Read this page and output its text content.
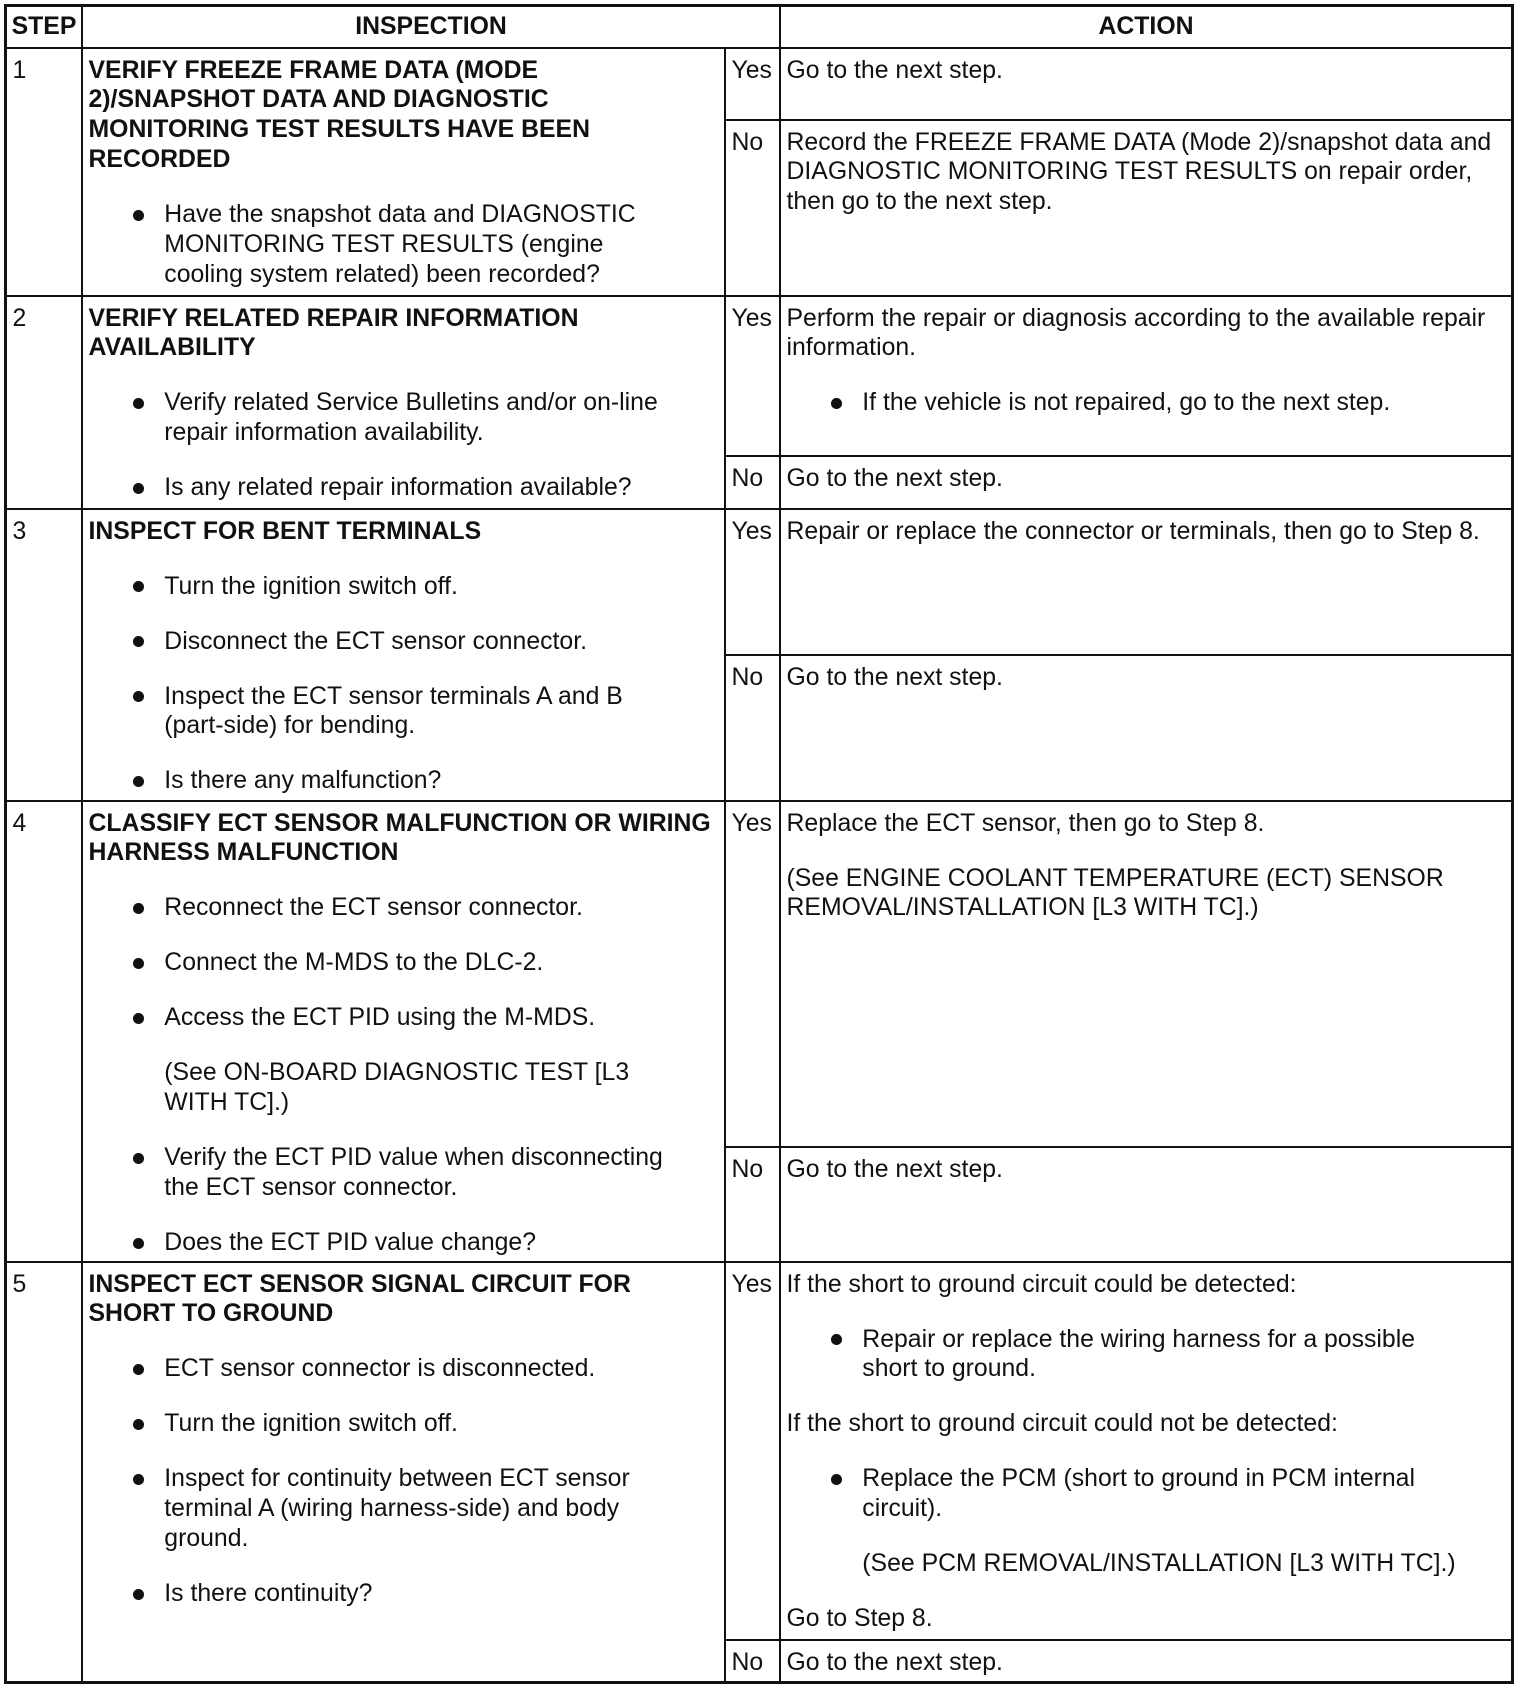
STEP	INSPECTION	ACTION
1	VERIFY FREEZE FRAME DATA (MODE
2)/SNAPSHOT DATA AND DIAGNOSTIC
MONITORING TEST RESULTS HAVE BEEN
RECORDED
Have the snapshot data and DIAGNOSTIC
MONITORING TEST RESULTS (engine
cooling system related) been recorded?
Yes Go to the next step.
No Record the FREEZE FRAME DATA (Mode 2)/snapshot data and
DIAGNOSTIC MONITORING TEST RESULTS on repair order,
then go to the next step.
2	VERIFY RELATED REPAIR INFORMATION
AVAILABILITY
Verify related Service Bulletins and/or on-line
repair information availability.
Is any related repair information available?
Yes Perform the repair or diagnosis according to the available repair
information.
If the vehicle is not repaired, go to the next step.
No Go to the next step.
3	INSPECT FOR BENT TERMINALS
Turn the ignition switch off.
Disconnect the ECT sensor connector.
Inspect the ECT sensor terminals A and B
(part-side) for bending.
Is there any malfunction?
Yes Repair or replace the connector or terminals, then go to Step 8.
No Go to the next step.
4	CLASSIFY ECT SENSOR MALFUNCTION OR WIRING
HARNESS MALFUNCTION
Reconnect the ECT sensor connector.
Connect the M-MDS to the DLC-2.
Access the ECT PID using the M-MDS.
(See ON-BOARD DIAGNOSTIC TEST [L3
WITH TC].)
Verify the ECT PID value when disconnecting
the ECT sensor connector.
Does the ECT PID value change?
Yes Replace the ECT sensor, then go to Step 8.
(See ENGINE COOLANT TEMPERATURE (ECT) SENSOR
REMOVAL/INSTALLATION [L3 WITH TC].)
No Go to the next step.
5	INSPECT ECT SENSOR SIGNAL CIRCUIT FOR
SHORT TO GROUND
ECT sensor connector is disconnected.
Turn the ignition switch off.
Inspect for continuity between ECT sensor
terminal A (wiring harness-side) and body
ground.
Is there continuity?
Yes If the short to ground circuit could be detected:
Repair or replace the wiring harness for a possible
short to ground.
If the short to ground circuit could not be detected:
Replace the PCM (short to ground in PCM internal
circuit).
(See PCM REMOVAL/INSTALLATION [L3 WITH TC].)
Go to Step 8.
No Go to the next step.
